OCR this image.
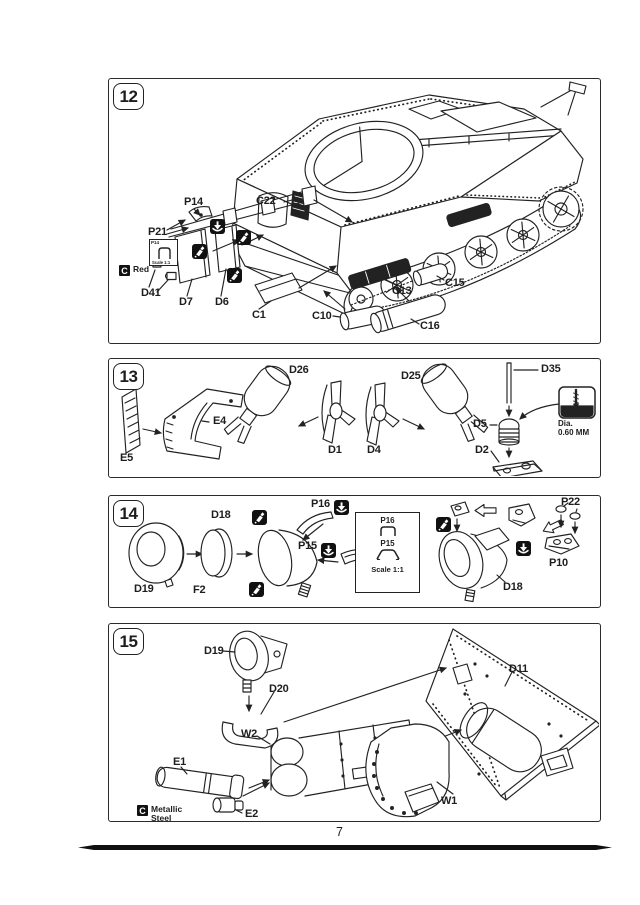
12
P14
P21
C22
D41
D7 D6
C1	C10
C13
C15
C16
C Red
P14
Scale 1:1
13
E5
E4
D26
D1 D4
D25
D35
D5
D2
Dia.
0.60 MM
14
D19	F2
D18
P16
P15
P22
P10
D18
P16
P15
Scale 1:1
15
D19
D20
W2
E1
E2
W1
D11
C Metallic
Steel
7
